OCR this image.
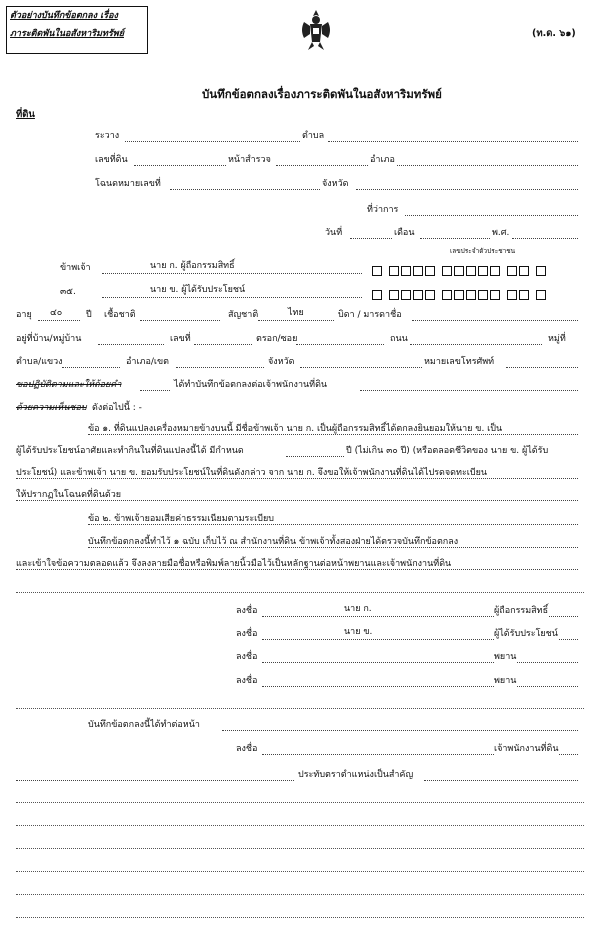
ตัวอย่างบันทึกข้อตกลง เรื่อง
ภาระติดพันในอสังหาริมทรัพย์	(ท.ด. ๖๑)
บันทึกข้อตกลงเรื่องภาระติดพันในอสังหาริมทรัพย์
ที่ดิน
ระวาง	ตำบล
เลขที่ดิน	หน้าสำรวจ	อำเภอ
โฉนดหมายเลขที่	จังหวัด
ที่ว่าการ
วันที่	เดือน	พ.ศ.
เลขประจำตัวประชาชน
ข้าพเจ้า	นาย ก. ผู้ถือกรรมสิทธิ์
๓๕.	นาย ข. ผู้ได้รับประโยชน์
อายุ ๔๐	ปี เชื้อชาติ	สัญชาติ	ไทย	บิดา / มารดาชื่อ
อยู่ที่บ้าน/หมู่บ้าน	เลขที่	ตรอก/ซอย	ถนน	หมู่ที่
ตำบล/แขวง	อำเภอ/เขต	จังหวัด	หมายเลขโทรศัพท์
ขอปฏิบัติตามและให้ถ้อยคำ	ได้ทำบันทึกข้อตกลงต่อเจ้าพนักงานที่ดิน
ด้วยความเห็นชอบ ดังต่อไปนี้ : -
ข้อ ๑. ที่ดินแปลงเครื่องหมายข้างบนนี้ มีชื่อข้าพเจ้า นาย ก. เป็นผู้ถือกรรมสิทธิ์ได้ตกลงยินยอมให้นาย ข. เป็น
ผู้ได้รับประโยชน์อาศัยและทำกินในที่ดินแปลงนี้ได้ มีกำหนด	ปี (ไม่เกิน ๓๐ ปี) (หรือตลอดชีวิตของ นาย ข. ผู้ได้รับ
ประโยชน์) และข้าพเจ้า นาย ข. ยอมรับประโยชน์ในที่ดินดังกล่าว จาก นาย ก. จึงขอให้เจ้าพนักงานที่ดินได้ไปรดจดทะเบียน
ให้ปรากฏในโฉนดที่ดินด้วย
ข้อ ๒. ข้าพเจ้ายอมเสียค่าธรรมเนียมตามระเบียบ
บันทึกข้อตกลงนี้ทำไว้ ๑ ฉบับ เก็บไว้ ณ สำนักงานที่ดิน ข้าพเจ้าทั้งสองฝ่ายได้ตรวจบันทึกข้อตกลง
และเข้าใจข้อความตลอดแล้ว จึงลงลายมือชื่อหรือพิมพ์ลายนิ้วมือไว้เป็นหลักฐานต่อหน้าพยานและเจ้าพนักงานที่ดิน
ลงชื่อ	นาย ก.	ผู้ถือกรรมสิทธิ์
ลงชื่อ	นาย ข.	ผู้ได้รับประโยชน์
ลงชื่อ	พยาน
ลงชื่อ	พยาน
บันทึกข้อตกลงนี้ได้ทำต่อหน้า
ลงชื่อ	เจ้าพนักงานที่ดิน
ประทับตราตำแหน่งเป็นสำคัญ
